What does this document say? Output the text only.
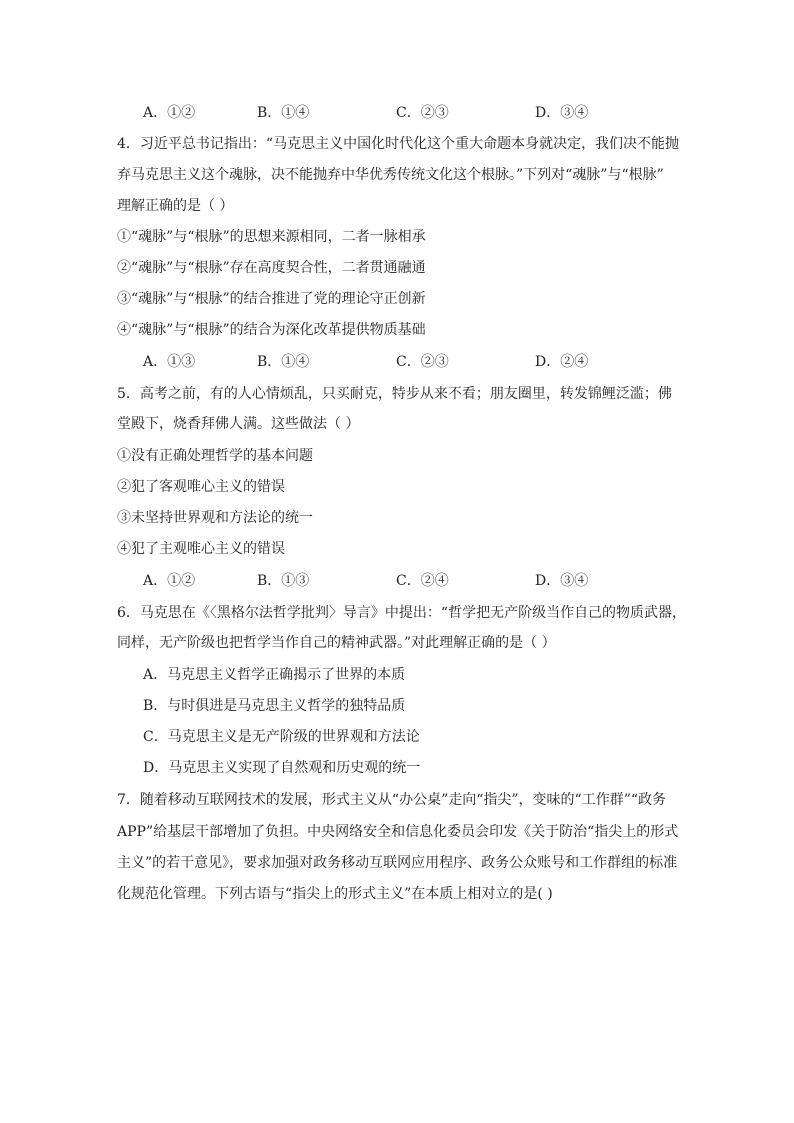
A．①②	B．①④	C．②③	D．③④
4．习近平总书记指出：“马克思主义中国化时代化这个重大命题本身就决定，我们决不能抛
弃马克思主义这个魂脉，决不能抛弃中华优秀传统文化这个根脉。”下列对“魂脉”与“根脉”
理解正确的是（ ）
①“魂脉”与“根脉”的思想来源相同，二者一脉相承
②“魂脉”与“根脉”存在高度契合性，二者贯通融通
③“魂脉”与“根脉”的结合推进了党的理论守正创新
④“魂脉”与“根脉”的结合为深化改革提供物质基础
A．①③	B．①④	C．②③	D．②④
5．高考之前，有的人心情烦乱，只买耐克，特步从来不看；朋友圈里，转发锦鲤泛滥；佛
堂殿下，烧香拜佛人满。这些做法（ ）
①没有正确处理哲学的基本问题
②犯了客观唯心主义的错误
③未坚持世界观和方法论的统一
④犯了主观唯心主义的错误
A．①②	B．①③	C．②④	D．③④
6．马克思在《〈黑格尔法哲学批判〉导言》中提出：“哲学把无产阶级当作自己的物质武器，
同样，无产阶级也把哲学当作自己的精神武器。”对此理解正确的是（ ）
A．马克思主义哲学正确揭示了世界的本质
B．与时俱进是马克思主义哲学的独特品质
C．马克思主义是无产阶级的世界观和方法论
D．马克思主义实现了自然观和历史观的统一
7．随着移动互联网技术的发展，形式主义从“办公桌”走向“指尖”，变味的“工作群”“政务
APP”给基层干部增加了负担。中央网络安全和信息化委员会印发《关于防治“指尖上的形式
主义”的若干意见》，要求加强对政务移动互联网应用程序、政务公众账号和工作群组的标准
化规范化管理。下列古语与“指尖上的形式主义”在本质上相对立的是( )
